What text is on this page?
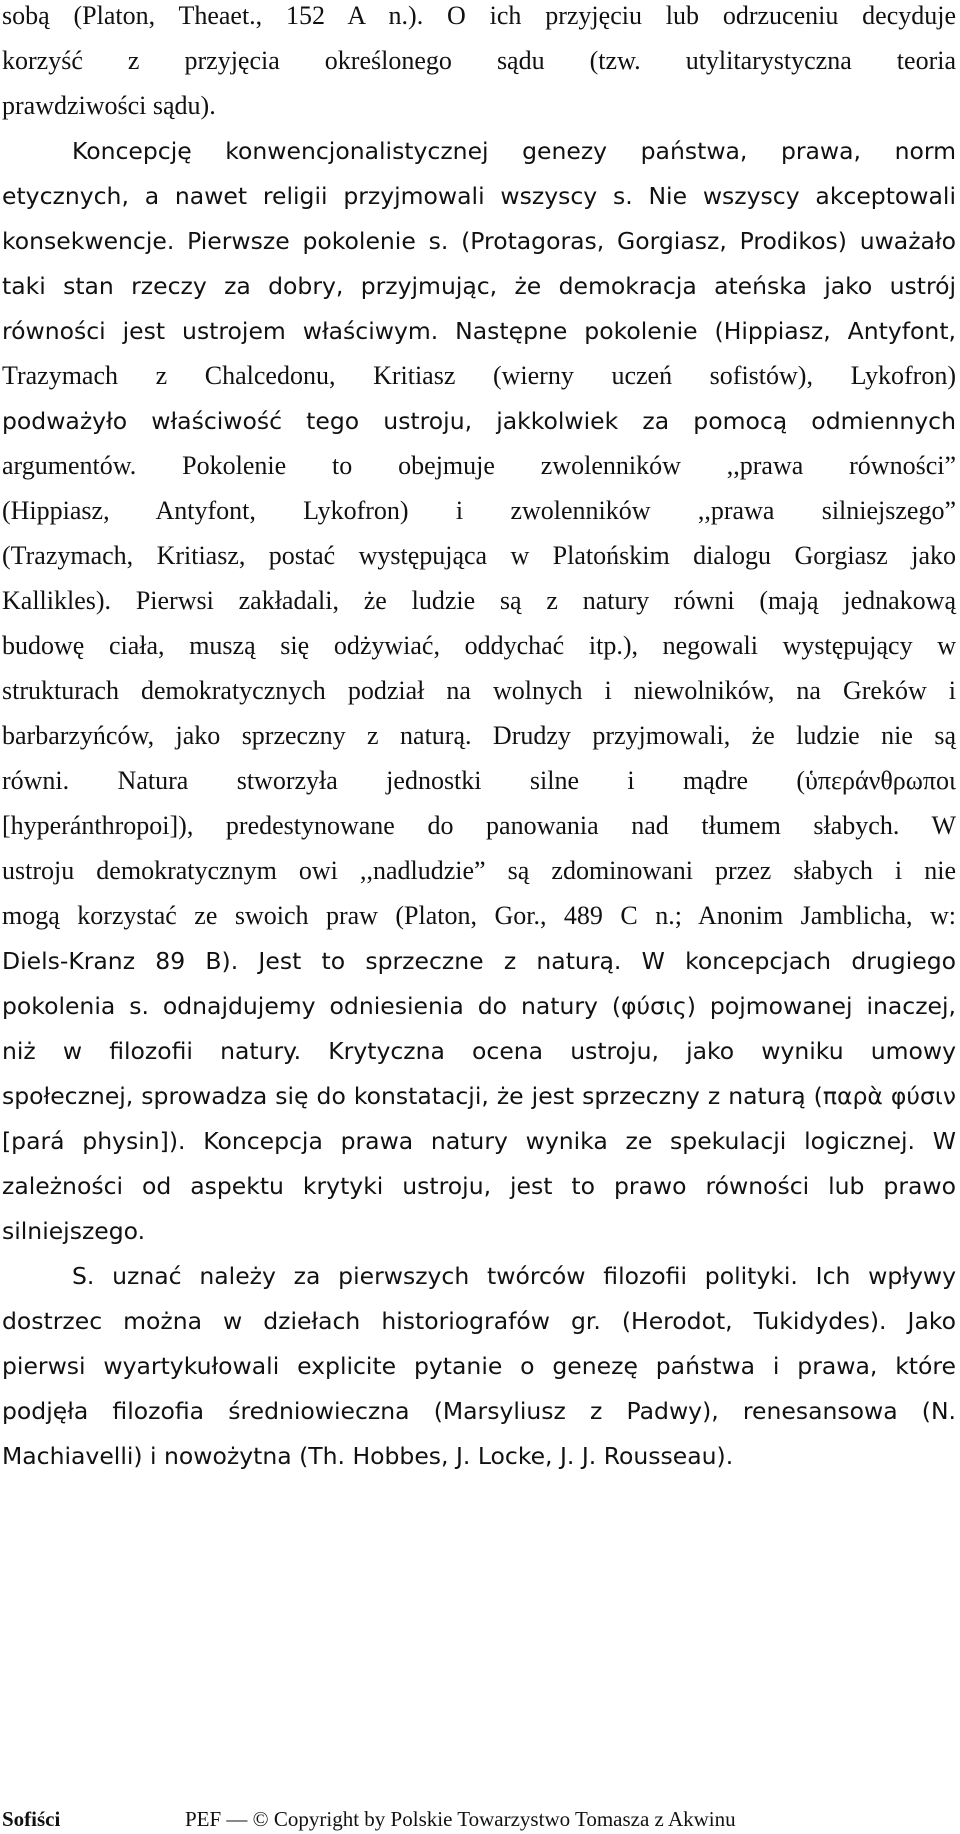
sobą (Platon, Theaet., 152 A n.). O ich przyjęciu lub odrzuceniu decyduje
korzyść z przyjęcia określonego sądu (tzw. utylitarystyczna teoria
prawdziwości sądu).
Koncepcję konwencjonalistycznej genezy państwa, prawa, norm
etycznych, a nawet religii przyjmowali wszyscy s. Nie wszyscy akceptowali
konsekwencje. Pierwsze pokolenie s. (Protagoras, Gorgiasz, Prodikos) uważało
taki stan rzeczy za dobry, przyjmując, że demokracja ateńska jako ustrój
równości jest ustrojem właściwym. Następne pokolenie (Hippiasz, Antyfont,
Trazymach z Chalcedonu, Kritiasz (wierny uczeń sofistów), Lykofron)
podważyło właściwość tego ustroju, jakkolwiek za pomocą odmiennych
argumentów. Pokolenie to obejmuje zwolenników ,,prawa równości”
(Hippiasz, Antyfont, Lykofron) i zwolenników ,,prawa silniejszego”
(Trazymach, Kritiasz, postać występująca w Platońskim dialogu Gorgiasz jako
Kallikles). Pierwsi zakładali, że ludzie są z natury równi (mają jednakową
budowę ciała, muszą się odżywiać, oddychać itp.), negowali występujący w
strukturach demokratycznych podział na wolnych i niewolników, na Greków i
barbarzyńców, jako sprzeczny z naturą. Drudzy przyjmowali, że ludzie nie są
równi. Natura stworzyła jednostki silne i mądre (ὑπεράνθρωποι
[hyperánthropoi]), predestynowane do panowania nad tłumem słabych. W
ustroju demokratycznym owi ,,nadludzie” są zdominowani przez słabych i nie
mogą korzystać ze swoich praw (Platon, Gor., 489 C n.; Anonim Jamblicha, w:
Diels-Kranz 89 B). Jest to sprzeczne z naturą. W koncepcjach drugiego
pokolenia s. odnajdujemy odniesienia do natury (φύσις) pojmowanej inaczej,
niż w filozofii natury. Krytyczna ocena ustroju, jako wyniku umowy
społecznej, sprowadza się do konstatacji, że jest sprzeczny z naturą (παρὰ φύσιν
[pará physin]). Koncepcja prawa natury wynika ze spekulacji logicznej. W
zależności od aspektu krytyki ustroju, jest to prawo równości lub prawo
silniejszego.
S. uznać należy za pierwszych twórców filozofii polityki. Ich wpływy
dostrzec można w dziełach historiografów gr. (Herodot, Tukidydes). Jako
pierwsi wyartykułowali explicite pytanie o genezę państwa i prawa, które
podjęła filozofia średniowieczna (Marsyliusz z Padwy), renesansowa (N.
Machiavelli) i nowożytna (Th. Hobbes, J. Locke, J. J. Rousseau).
Sofiści	PEF — © Copyright by Polskie Towarzystwo Tomasza z Akwinu
